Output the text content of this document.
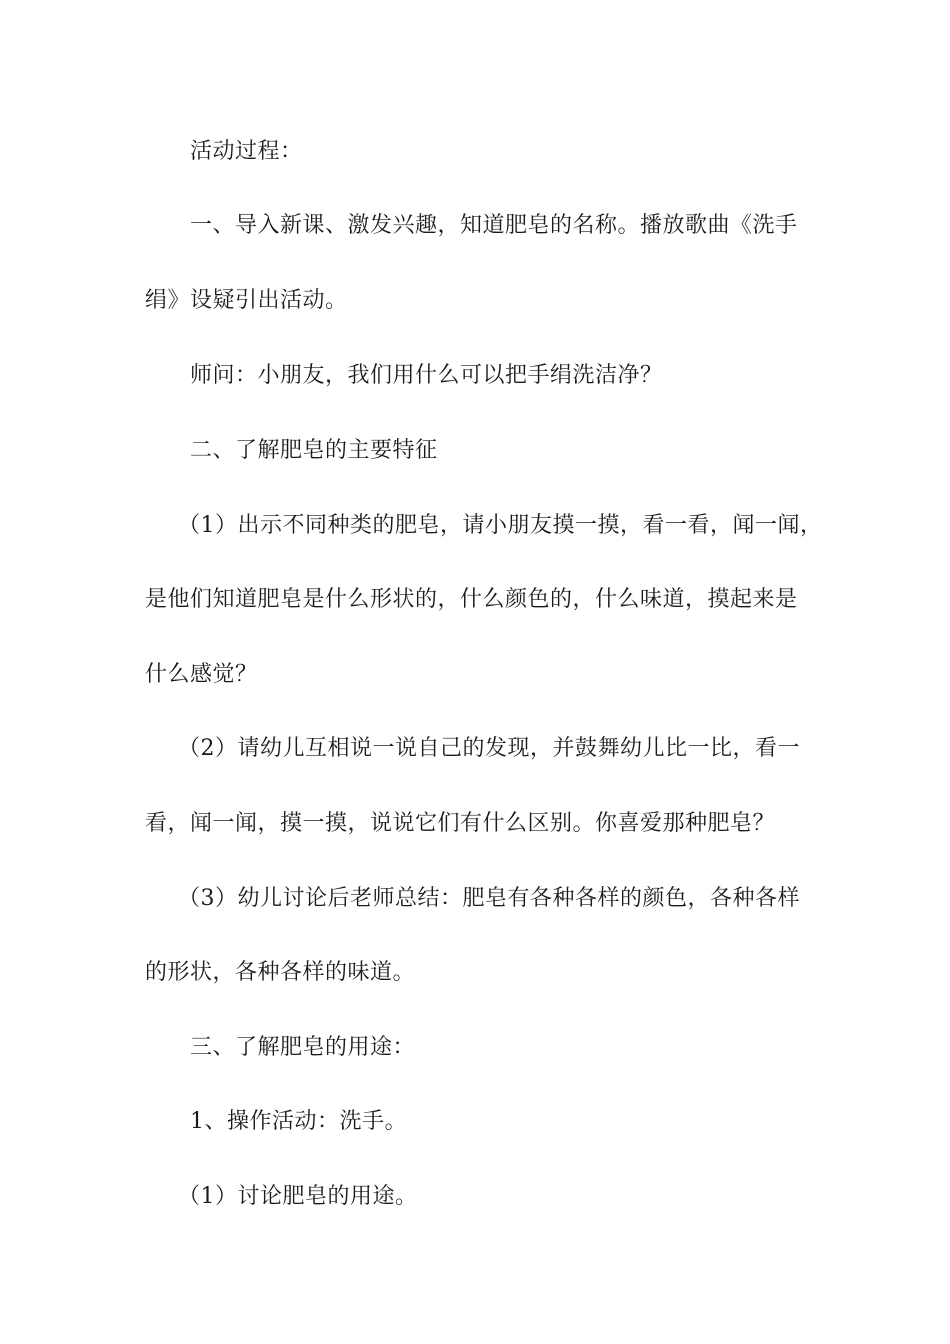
活动过程：
一、导入新课、激发兴趣，知道肥皂的名称。播放歌曲《洗手
绢》设疑引出活动。
师问：小朋友，我们用什么可以把手绢洗洁净？
二、了解肥皂的主要特征
（1）出示不同种类的肥皂，请小朋友摸一摸，看一看，闻一闻，
是他们知道肥皂是什么形状的，什么颜色的，什么味道，摸起来是
什么感觉？
（2）请幼儿互相说一说自己的发现，并鼓舞幼儿比一比，看一
看，闻一闻，摸一摸，说说它们有什么区别。你喜爱那种肥皂？
（3）幼儿讨论后老师总结：肥皂有各种各样的颜色，各种各样
的形状，各种各样的味道。
三、了解肥皂的用途：
1、操作活动：洗手。
（1）讨论肥皂的用途。
